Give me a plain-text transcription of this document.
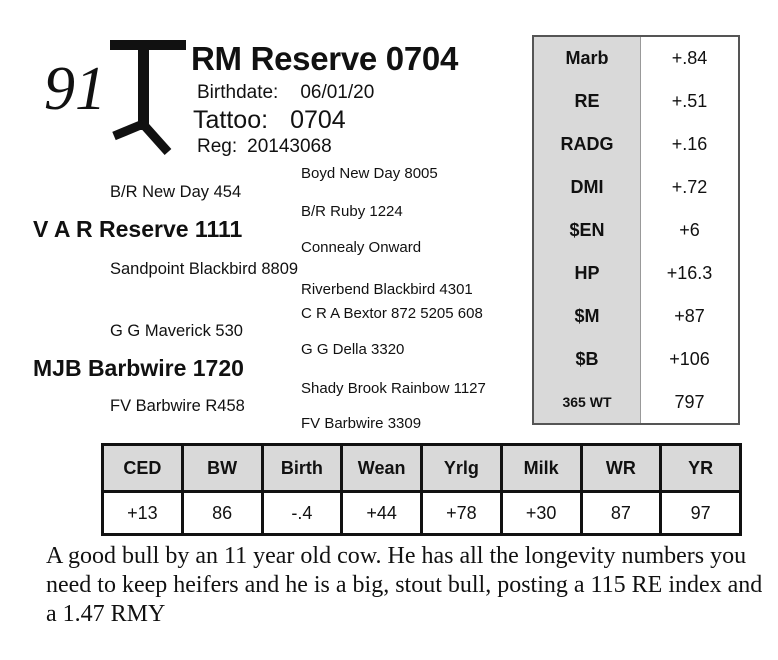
91	RM Reserve 0704
Birthdate: 06/01/20
Tattoo: 0704
Reg: 20143068
Boyd New Day 8005
B/R New Day 454
B/R Ruby 1224
V A R Reserve 1111
Connealy Onward
Sandpoint Blackbird 8809
Riverbend Blackbird 4301
C R A Bextor 872 5205 608
G G Maverick 530
G G Della 3320
MJB Barbwire 1720
Shady Brook Rainbow 1127
FV Barbwire R458
FV Barbwire 3309
Marb	+.84
RE	+.51
RADG	+.16
DMI	+.72
$EN	+6
HP	+16.3
$M	+87
$B	+106
365 WT	797
CED	BW	Birth	Wean	Yrlg	Milk	WR	YR
+13	86	-.4	+44	+78	+30	87	97
A good bull by an 11 year old cow. He has all the longevity numbers you need to keep heifers and he is a big, stout bull, posting a 115 RE index and a 1.47 RMY
